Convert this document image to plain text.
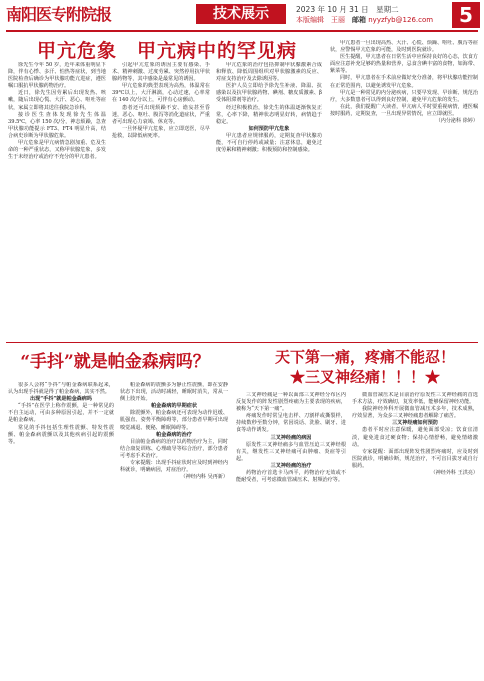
南阳医专附院报	技术展示	2023 年 10 月 31 日　星期二
本版编辑　王丽　 邮箱 nyyzfyb@126.com	5
甲亢危象　甲亢病中的罕见病

徐先生今年 50 岁，近年来体重明显下降，伴有心悸、多汗、怕热等症状，到当地医院检查后确诊为甲状腺功能亢进症，遵医嘱口服抗甲状腺药物治疗。

近日，徐先生因劳累后出现发热、咳嗽，随后出现心慌、大汗、恶心、呕吐等症状，家属立即将其送往我院急诊科。

接诊医生查体发现徐先生体温 39.5℃，心率 150 次/分，神志烦躁，急查甲状腺功能提示 FT3、FT4 明显升高，结合病史诊断为甲状腺危象。

甲亢危象是甲亢病情急剧加重、危及生命的一种严重状态，又称甲状腺危象，多发生于未经治疗或治疗不充分的甲亢患者。

引起甲亢危象的诱因主要有感染、手术、精神刺激、过度劳累、突然停用抗甲状腺药物等，其中感染是最常见的诱因。

甲亢危象的典型表现为高热，体温常在 39℃以上，大汗淋漓，心动过速，心率常在 140 次/分以上，可伴有心房颤动。

患者还可出现烦躁不安、谵妄甚至昏迷，恶心、呕吐、腹泻等消化道症状，严重者可出现心力衰竭、休克等。

一旦怀疑甲亢危象，应立即送医，尽早抢救，以降低病死率。

甲亢危象的治疗包括抑制甲状腺激素合成和释放、降低周围组织对甲状腺激素的反应、对症支持治疗及去除诱因等。

医护人员立即给予徐先生补液、降温、抗感染以及抗甲状腺药物、碘剂、糖皮质激素、β受体阻滞剂等治疗。

经过积极救治，徐先生的体温逐渐恢复正常，心率下降，精神状态明显好转，病情趋于稳定。

如何预防甲亢危象

甲亢患者应规律服药，定期复查甲状腺功能，不可自行停药或减量；注意休息，避免过度劳累和精神刺激；积极预防和控制感染。

甲亢患者一旦出现高热、大汗、心慌、烦躁、呕吐、腹泻等症状，应警惕甲亢危象的可能，及时到医院就诊。

医生提醒，甲亢患者在日常生活中应保持良好的心态，饮食方面应注意补充足够的热量和营养，忌食含碘丰富的食物，如海带、紫菜等。

同时，甲亢患者在手术前应做好充分准备，将甲状腺功能控制在正常范围内，以避免诱发甲亢危象。

甲亢是一种常见的内分泌疾病，只要早发现、早诊断、规范治疗，大多数患者可以得到良好控制，避免甲亢危象的发生。

在此，我们提醒广大读者，甲亢病人平时要重视病情，遵医嘱按时服药，定期复查，一旦出现异常情况，应立即就医。

（内分泌科 徐婷）

“手抖”就是帕金森病吗？

很多人会将“手抖”与帕金森病联系起来，认为出现手抖就是得了帕金森病，其实不然。

出现“手抖”就是帕金森病吗

“手抖”在医学上称作震颤，是一种常见的不自主运动，可由多种原因引起，并不一定就是帕金森病。

常见的手抖包括生理性震颤、特发性震颤、帕金森病震颤以及其他疾病引起的震颤等。

帕金森病的震颤多为静止性震颤，即在安静状态下出现，活动时减轻，睡眠时消失，常从一侧上肢开始。

帕金森病的早期症状

除震颤外，帕金森病还可表现为动作迟缓、肌强直、姿势平衡障碍等，部分患者早期可出现嗅觉减退、便秘、睡眠障碍等。

帕金森病的治疗

目前帕金森病的治疗以药物治疗为主，同时结合康复训练、心理疏导等综合治疗，部分患者可考虑手术治疗。

专家提醒：出现手抖症状时应及时到神经内科就诊，明确病因，对症治疗。

（神经内科 吴再新）

天下第一痛，疼痛不能忍！
★三叉神经痛！！！★

三叉神经痛是一种以面部三叉神经分布区内反复发作的阵发性剧烈疼痛为主要表现的疾病，被称为“天下第一痛”。

疼痛发作时常呈电击样、刀割样或撕裂样，持续数秒至数分钟，常因说话、洗脸、刷牙、进食等动作诱发。

三叉神经痛的病因

原发性三叉神经痛多与血管压迫三叉神经根有关，继发性三叉神经痛可由肿瘤、炎症等引起。

三叉神经痛的治疗

药物治疗首选卡马西平，药物治疗无效或不能耐受者，可考虑微血管减压术、射频治疗等。

微血管减压术是目前治疗原发性三叉神经痛的首选手术方法，疗效确切，复发率低，能够保留神经功能。

我院神经外科开展微血管减压术多年，技术成熟，疗效显著，为众多三叉神经痛患者解除了痛苦。

三叉神经痛如何预防

患者平时应注意保暖，避免面部受凉；饮食宜清淡，避免进食过硬食物；保持心情舒畅，避免情绪激动。

专家提醒：面部出现阵发性剧烈疼痛时，应及时到医院就诊，明确诊断，规范治疗，不可盲目拔牙或自行服药。

（神经外科 王洪亮）
